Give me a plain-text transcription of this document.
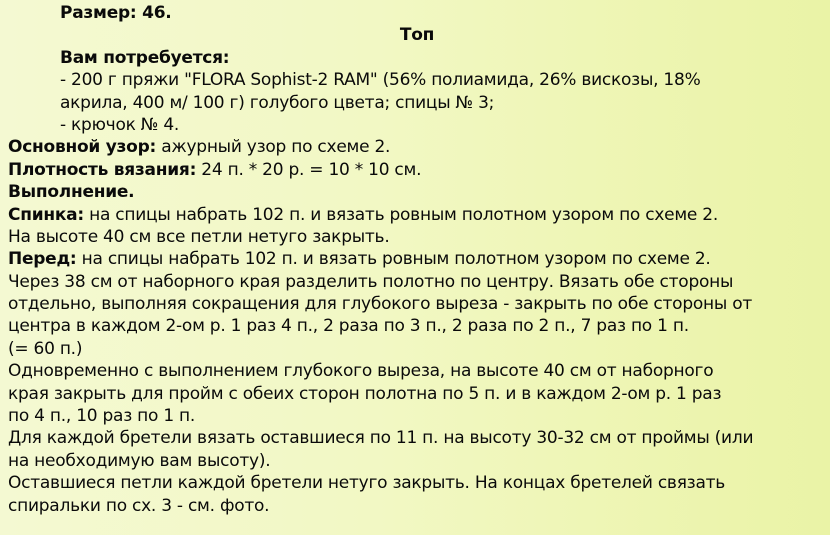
Размер: 46.
Топ
Вам потребуется:
- 200 г пряжи "FLORA Sophist-2 RAM" (56% полиамида, 26% вискозы, 18%
акрила, 400 м/ 100 г) голубого цвета; спицы № 3;
- крючок № 4.
Основной узор: ажурный узор по схеме 2.
Плотность вязания: 24 п. * 20 р. = 10 * 10 см.
Выполнение.
Спинка: на спицы набрать 102 п. и вязать ровным полотном узором по схеме 2.
На высоте 40 см все петли нетуго закрыть.
Перед: на спицы набрать 102 п. и вязать ровным полотном узором по схеме 2.
Через 38 см от наборного края разделить полотно по центру. Вязать обе стороны
отдельно, выполняя сокращения для глубокого выреза - закрыть по обе стороны от
центра в каждом 2-ом р. 1 раз 4 п., 2 раза по 3 п., 2 раза по 2 п., 7 раз по 1 п.
(= 60 п.)
Одновременно с выполнением глубокого выреза, на высоте 40 см от наборного
края закрыть для пройм с обеих сторон полотна по 5 п. и в каждом 2-ом р. 1 раз
по 4 п., 10 раз по 1 п.
Для каждой бретели вязать оставшиеся по 11 п. на высоту 30-32 см от проймы (или
на необходимую вам высоту).
Оставшиеся петли каждой бретели нетуго закрыть. На концах бретелей связать
спиральки по сх. 3 - см. фото.
